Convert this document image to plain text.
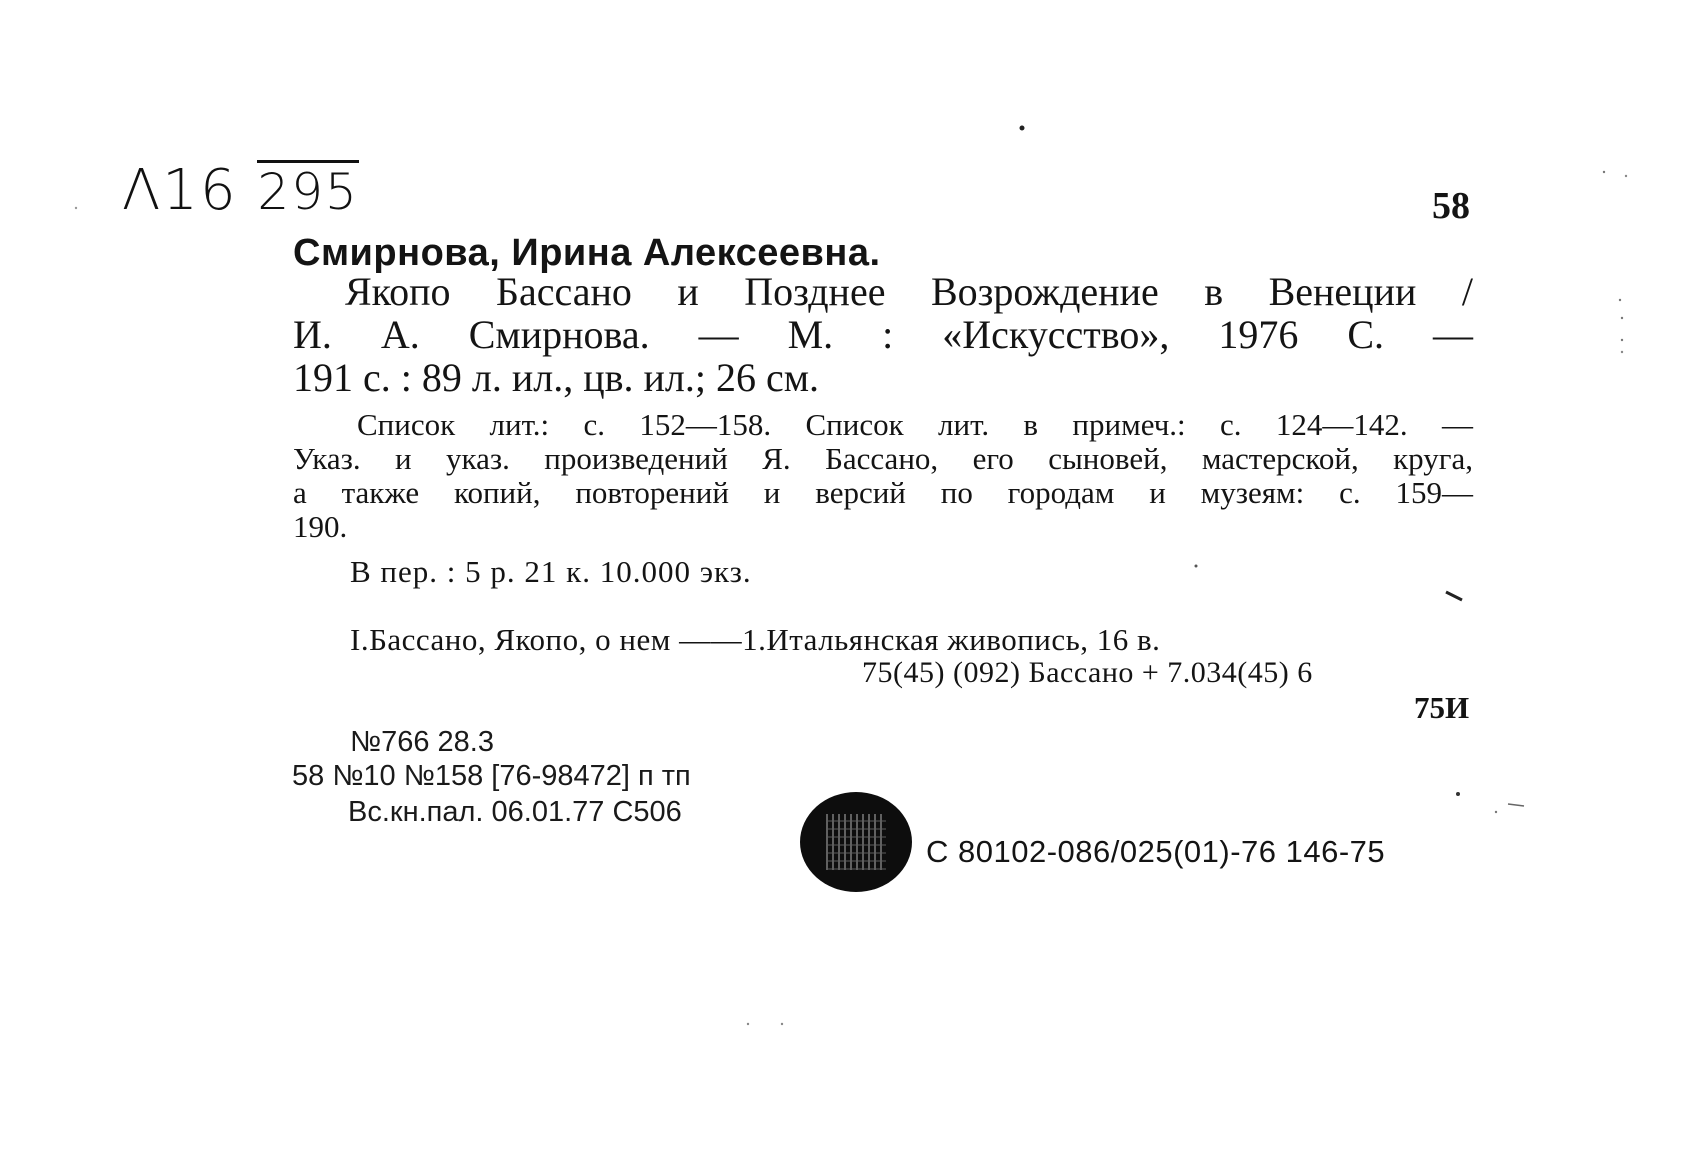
Λ16 295	58
Смирнова, Ирина Алексеевна.
Якопо Бассано и Позднее Возрождение в Венеции /
И. А. Смирнова. — М. : «Искусство», 1976 С. —
191 с. : 89 л. ил., цв. ил.; 26 см.
Список лит.: с. 152—158. Список лит. в примеч.: с. 124—142. —
Указ. и указ. произведений Я. Бассано, его сыновей, мастерской, круга,
а также копий, повторений и версий по городам и музеям: с. 159—
190.
В пер. : 5 р. 21 к. 10.000 экз.
I.Бассано, Якопо, о нем ——1.Итальянская живопись, 16 в.
75(45) (092) Бассано + 7.034(45) 6
75И
№766 28.3
58 №10 №158 [76-98472] п тп
Вс.кн.пал. 06.01.77 С506
С 80102-086/025(01)-76 146-75
